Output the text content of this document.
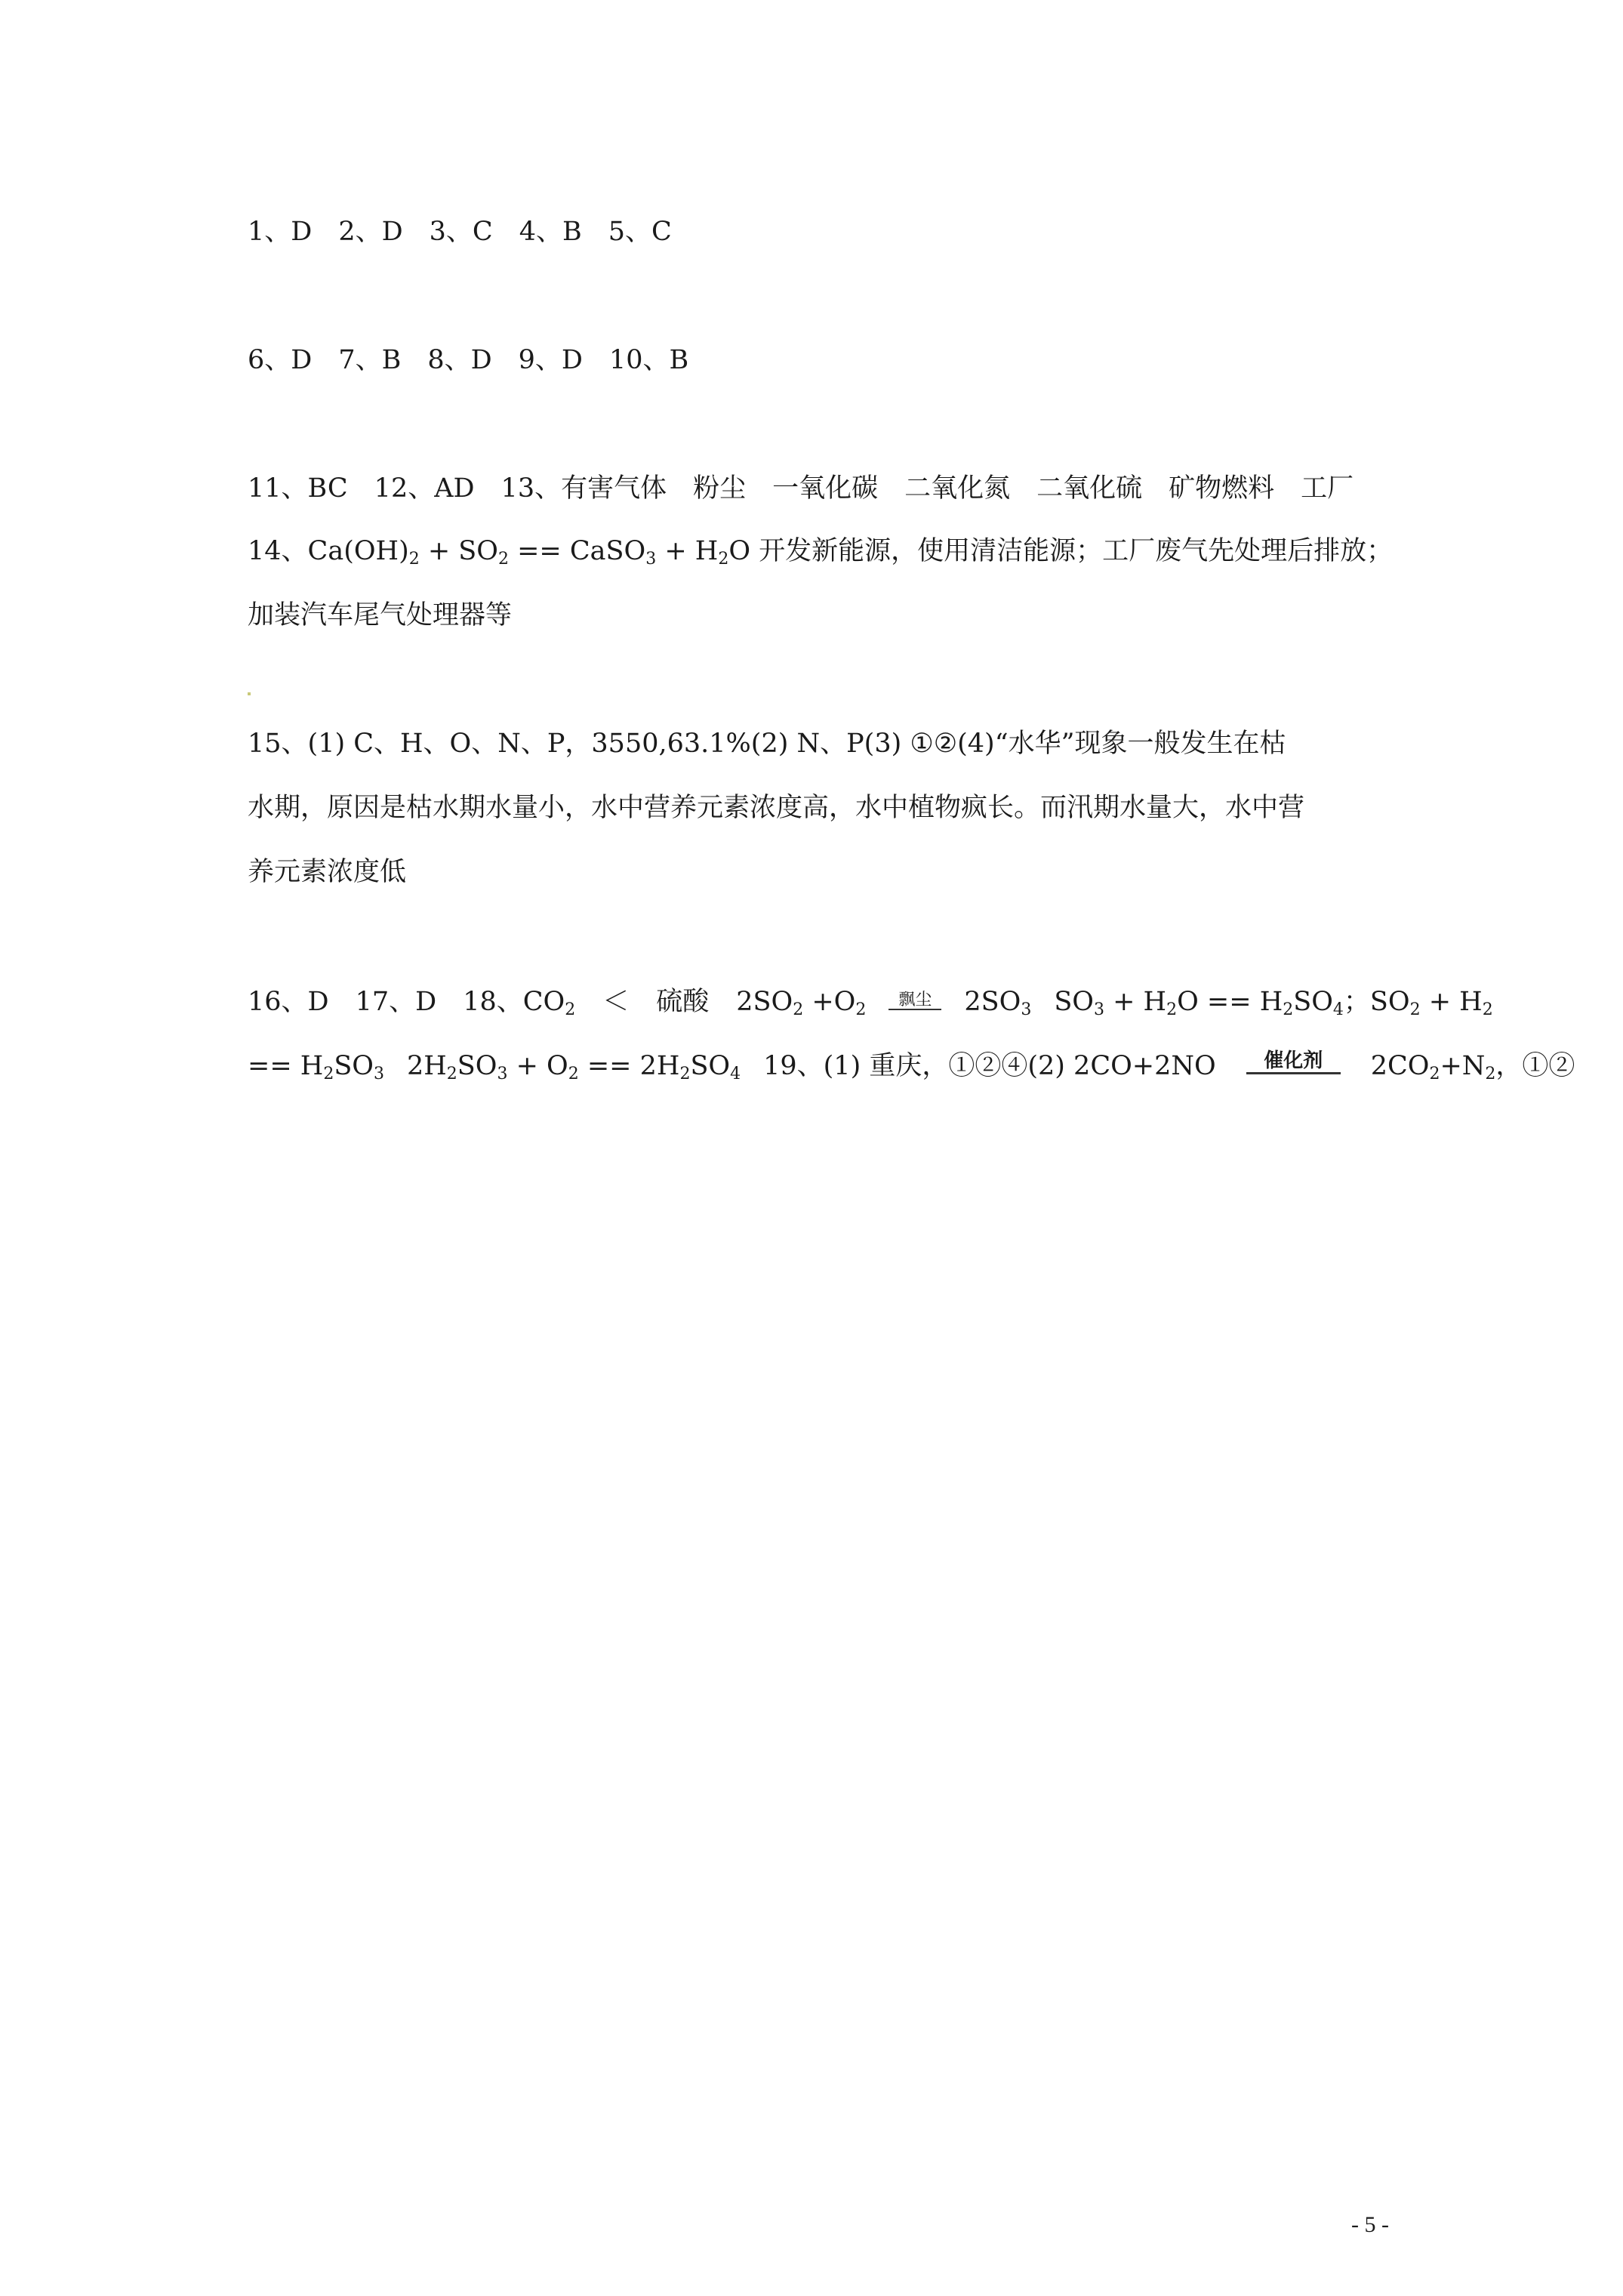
1、D　2、D　3、C　4、B　5、C
6、D　7、B　8、D　9、D　10、B
11、BC　12、AD　13、有害气体　粉尘　一氧化碳　二氧化氮　二氧化硫　矿物燃料　工厂
14、$Ca(OH)_2 + SO_2$ == CaSO$_3$ + $H_2O$ 开发新能源，使用清洁能源；工厂废气先处理后排放；
加装汽车尾气处理器等
15、(1) C、H、O、N、P，3550,63.1%(2) N、P(3) ①②(4)“水华”现象一般发生在枯
水期，原因是枯水期水量小，水中营养元素浓度高，水中植物疯长。而汛期水量大，水中营
养元素浓度低
16、D　17、D　18、$CO_2$ ＜ 硫酸 $2SO_2 +O_2$
飘尘	$2SO_3$ $SO_3 + H_2O == H_2SO_4$；$SO_2 + H_2$
== $H_2SO_3$ $2H_2SO_3 + O_2 == 2H_2SO_4$ 19、(1) 重庆，①②④(2) 2CO+2NO	催化剂	$2CO_2+N_2$，①②
- 5 -
